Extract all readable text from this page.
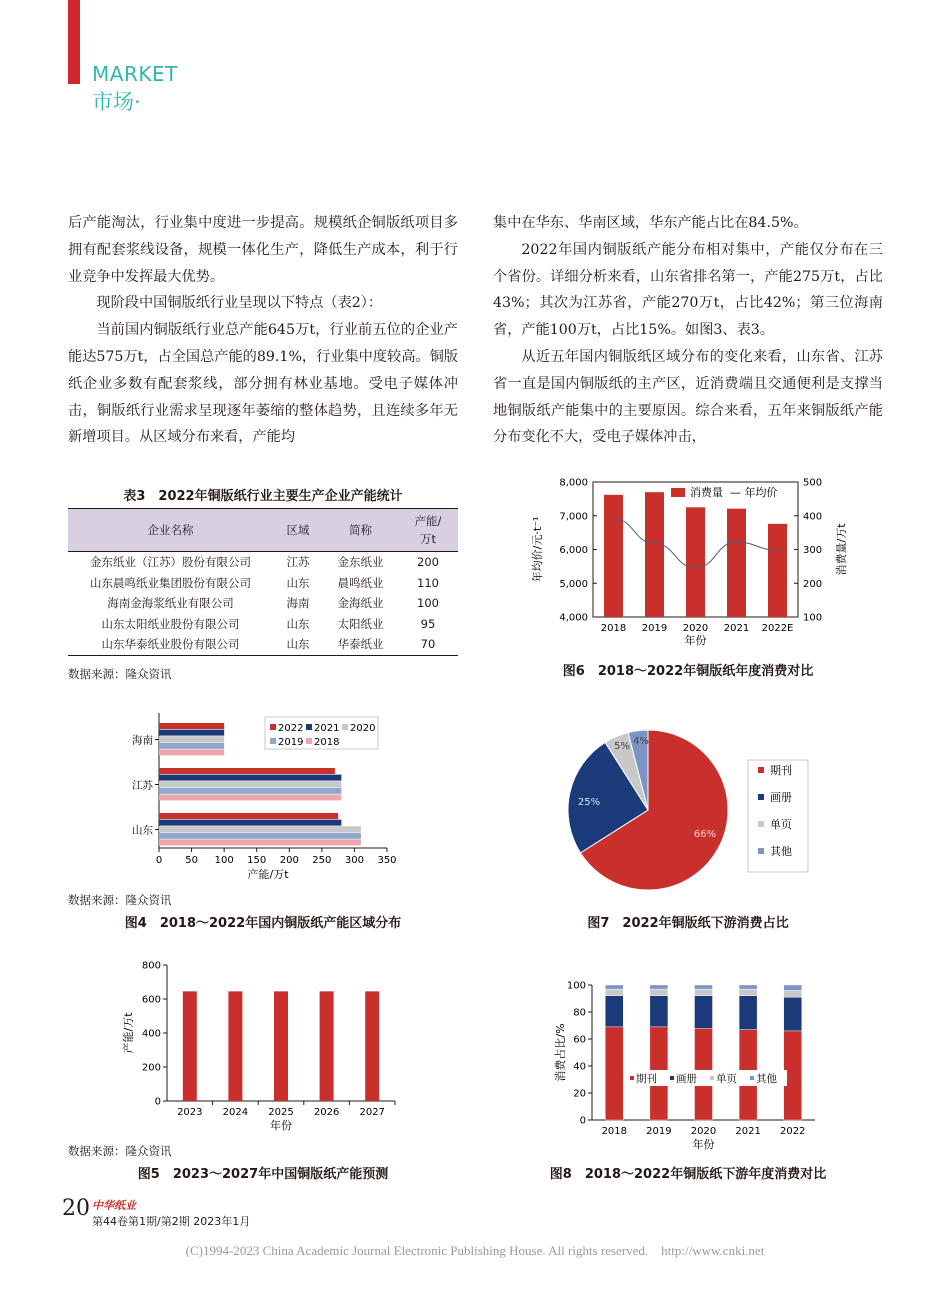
MARKET
市场·

后产能淘汰，行业集中度进一步提高。规模纸企铜版纸项目多拥有配套浆线设备，规模一体化生产，降低生产成本，利于行业竞争中发挥最大优势。

现阶段中国铜版纸行业呈现以下特点（表2）：

当前国内铜版纸行业总产能645万t，行业前五位的企业产能达575万t，占全国总产能的89.1%，行业集中度较高。铜版纸企业多数有配套浆线，部分拥有林业基地。受电子媒体冲击，铜版纸行业需求呈现逐年萎缩的整体趋势，且连续多年无新增项目。从区域分布来看，产能均

集中在华东、华南区域，华东产能占比在84.5%。

2022年国内铜版纸产能分布相对集中，产能仅分布在三个省份。详细分析来看，山东省排名第一，产能275万t，占比43%；其次为江苏省，产能270万t，占比42%；第三位海南省，产能100万t，占比15%。如图3、表3。

从近五年国内铜版纸区域分布的变化来看，山东省、江苏省一直是国内铜版纸的主产区，近消费端且交通便利是支撑当地铜版纸产能集中的主要原因。综合来看，五年来铜版纸产能分布变化不大，受电子媒体冲击，

表3　2022年铜版纸行业主要生产企业产能统计
企业名称	区域	简称	产能/
万t
金东纸业（江苏）股份有限公司	江苏	金东纸业	200
山东晨鸣纸业集团股份有限公司	山东	晨鸣纸业	110
海南金海浆纸业有限公司	海南	金海纸业	100
山东太阳纸业股份有限公司	山东	太阳纸业	95
山东华泰纸业股份有限公司	山东	华泰纸业	70
数据来源：隆众资讯
4,000
5,000
6,000
7,000
8,000
100
200
300
400
500
2018 2019 2020 2021 2022E
消费量 — 年均价
年份
年均价/元·t⁻¹	消费量/万t
图6　2018～2022年铜版纸年度消费对比
0 50 100 150 200 250 300 350
海南
江苏
山东
2022 2021 2020
2019 2018
产能/万t
数据来源：隆众资讯
图4　2018～2022年国内铜版纸产能区域分布
66%
25%
5% 4%
期刊
画册
单页
其他
图7　2022年铜版纸下游消费占比
0
200
400
600
800
2023 2024 2025 2026 2027
年份
产能/万t
数据来源：隆众资讯
图5　2023～2027年中国铜版纸产能预测
0
20
40
60
80
100
2018 2019 2020 2021 2022
期刊 画册 单页 其他
年份
消费占比/%
图8　2018～2022年铜版纸下游年度消费对比
20 中华纸业
第44卷第1期/第2期 2023年1月
(C)1994-2023 China Academic Journal Electronic Publishing House. All rights reserved.    http://www.cnki.net
